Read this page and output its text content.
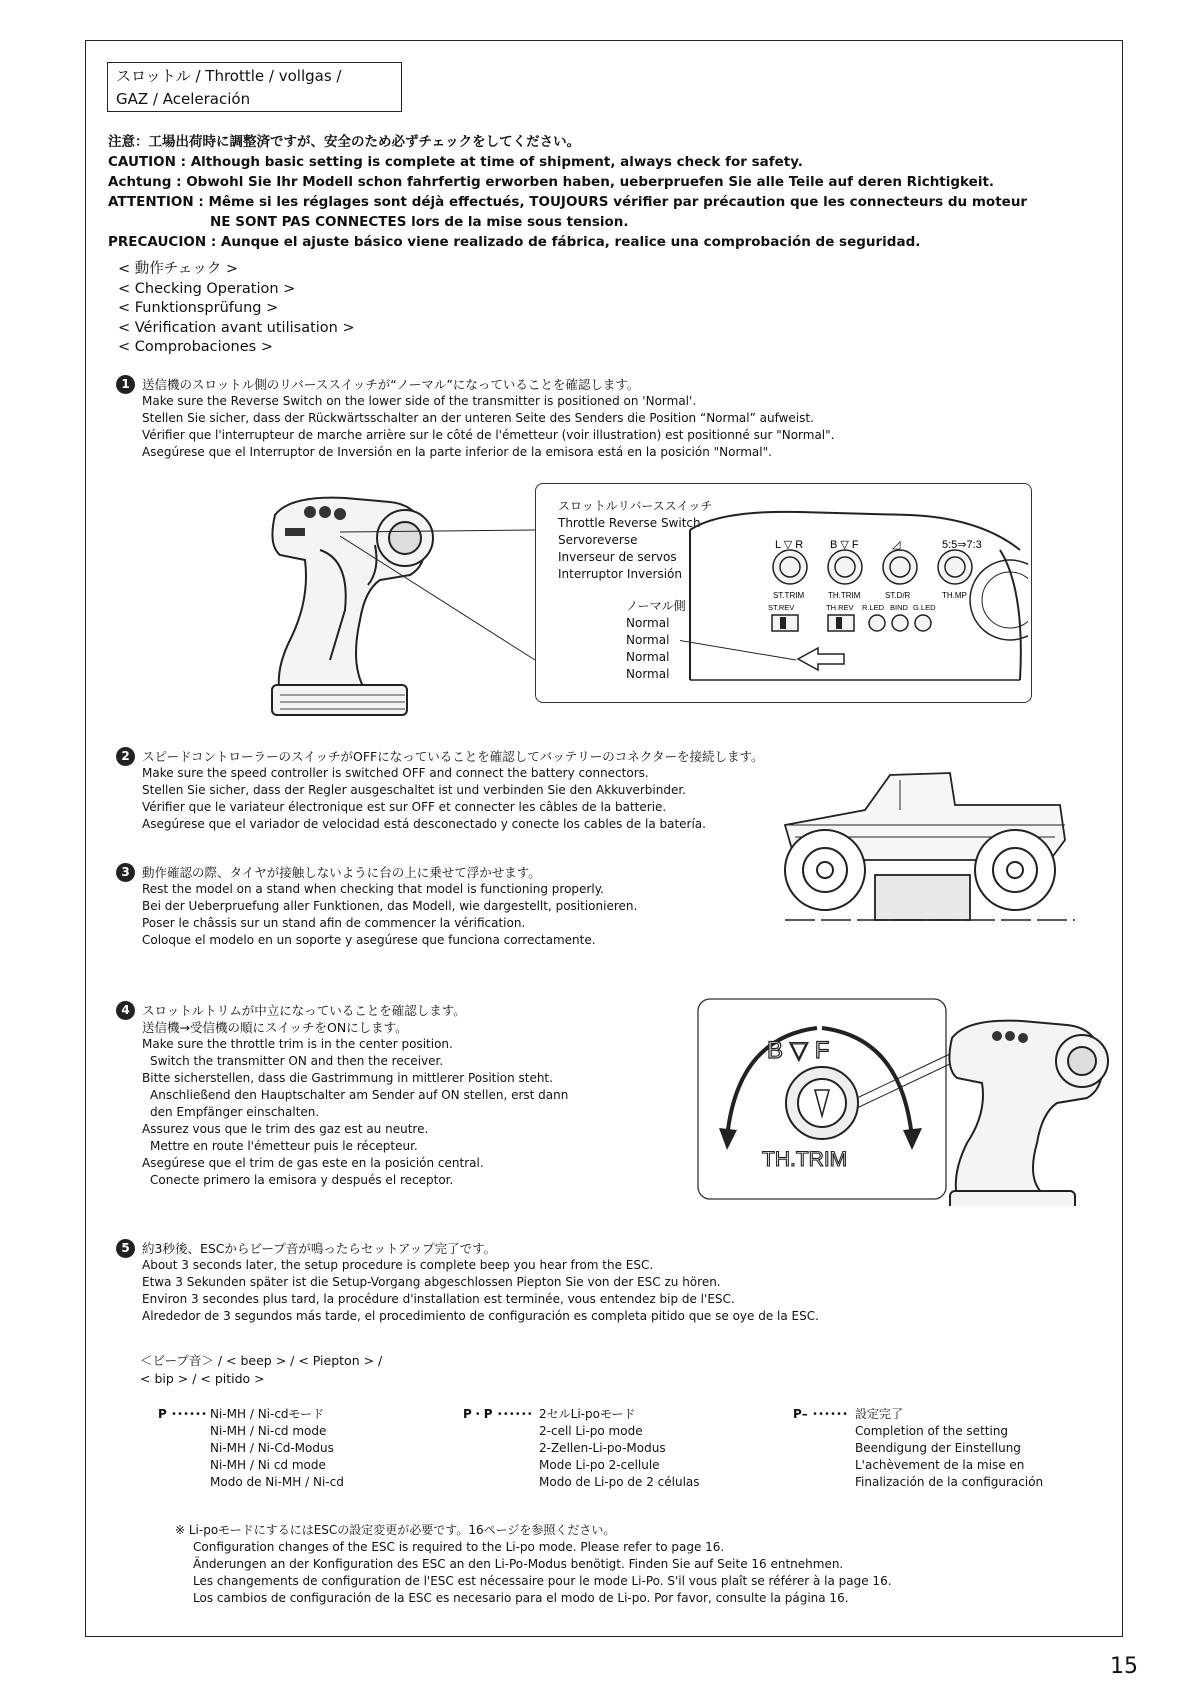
スロットル / Throttle / vollgas /
GAZ / Aceleración
注意：工場出荷時に調整済ですが、安全のため必ずチェックをしてください。
CAUTION : Although basic setting is complete at time of shipment, always check for safety.
Achtung : Obwohl Sie Ihr Modell schon fahrfertig erworben haben, ueberpruefen Sie alle Teile auf deren Richtigkeit.
ATTENTION : Même si les réglages sont déjà effectués, TOUJOURS vérifier par précaution que les connecteurs du moteur
NE SONT PAS CONNECTES lors de la mise sous tension.
PRECAUCION : Aunque el ajuste básico viene realizado de fábrica, realice una comprobación de seguridad.
< 動作チェック >
< Checking Operation >
< Funktionsprüfung >
< Vérification avant utilisation >
< Comprobaciones >
1 送信機のスロットル側のリバーススイッチが“ノーマル”になっていることを確認します。
Make sure the Reverse Switch on the lower side of the transmitter is positioned on 'Normal'.
Stellen Sie sicher, dass der Rückwärtsschalter an der unteren Seite des Senders die Position “Normal” aufweist.
Vérifier que l'interrupteur de marche arrière sur le côté de l'émetteur (voir illustration) est positionné sur "Normal".
Asegúrese que el Interruptor de Inversión en la parte inferior de la emisora está en la posición "Normal".
スロットルリバーススイッチ
Throttle Reverse Switch
Servoreverse
Inverseur de servos
Interruptor Inversión
ノーマル側
Normal
Normal
Normal
Normal
L ▽ R B ▽ F	◿	5:5⇒7:3
ST.TRIM	TH.TRIM	ST.D/R	TH.MP
ST.REV	TH.REV R.LED BIND G.LED
2 スピードコントローラーのスイッチがOFFになっていることを確認してバッテリーのコネクターを接続します。
Make sure the speed controller is switched OFF and connect the battery connectors.
Stellen Sie sicher, dass der Regler ausgeschaltet ist und verbinden Sie den Akkuverbinder.
Vérifier que le variateur électronique est sur OFF et connecter les câbles de la batterie.
Asegúrese que el variador de velocidad está desconectado y conecte los cables de la batería.
3 動作確認の際、タイヤが接触しないように台の上に乗せて浮かせます。
Rest the model on a stand when checking that model is functioning properly.
Bei der Ueberpruefung aller Funktionen, das Modell, wie dargestellt, positionieren.
Poser le châssis sur un stand afin de commencer la vérification.
Coloque el modelo en un soporte y asegúrese que funciona correctamente.
4 スロットルトリムが中立になっていることを確認します。
送信機→受信機の順にスイッチをONにします。
Make sure the throttle trim is in the center position.
Switch the transmitter ON and then the receiver.
Bitte sicherstellen, dass die Gastrimmung in mittlerer Position steht.
Anschließend den Hauptschalter am Sender auf ON stellen, erst dann
den Empfänger einschalten.
Assurez vous que le trim des gaz est au neutre.
Mettre en route l'émetteur puis le récepteur.
Asegúrese que el trim de gas este en la posición central.
Conecte primero la emisora y después el receptor.
B ▽ F
TH.TRIM
5 約3秒後、ESCからビープ音が鳴ったらセットアップ完了です。
About 3 seconds later, the setup procedure is complete beep you hear from the ESC.
Etwa 3 Sekunden später ist die Setup-Vorgang abgeschlossen Piepton Sie von der ESC zu hören.
Environ 3 secondes plus tard, la procédure d'installation est terminée, vous entendez bip de l'ESC.
Alrededor de 3 segundos más tarde, el procedimiento de configuración es completa pitido que se oye de la ESC.
＜ビープ音＞ / < beep > / < Piepton > /
< bip > / < pitido >
P ･･････ Ni-MH / Ni-cdモード
Ni-MH / Ni-cd mode
Ni-MH / Ni-Cd-Modus
Ni-MH / Ni cd mode
Modo de Ni-MH / Ni-cd
P・P ･･････ 2セルLi-poモード
2-cell Li-po mode
2-Zellen-Li-po-Modus
Mode Li-po 2-cellule
Modo de Li-po de 2 células
P– ･･････ 設定完了
Completion of the setting
Beendigung der Einstellung
L'achèvement de la mise en
Finalización de la configuración
※ Li-poモードにするにはESCの設定変更が必要です。16ページを参照ください。
Configuration changes of the ESC is required to the Li-po mode. Please refer to page 16.
Änderungen an der Konfiguration des ESC an den Li-Po-Modus benötigt. Finden Sie auf Seite 16 entnehmen.
Les changements de configuration de l'ESC est nécessaire pour le mode Li-Po. S'il vous plaît se référer à la page 16.
Los cambios de configuración de la ESC es necesario para el modo de Li-po. Por favor, consulte la página 16.
15
